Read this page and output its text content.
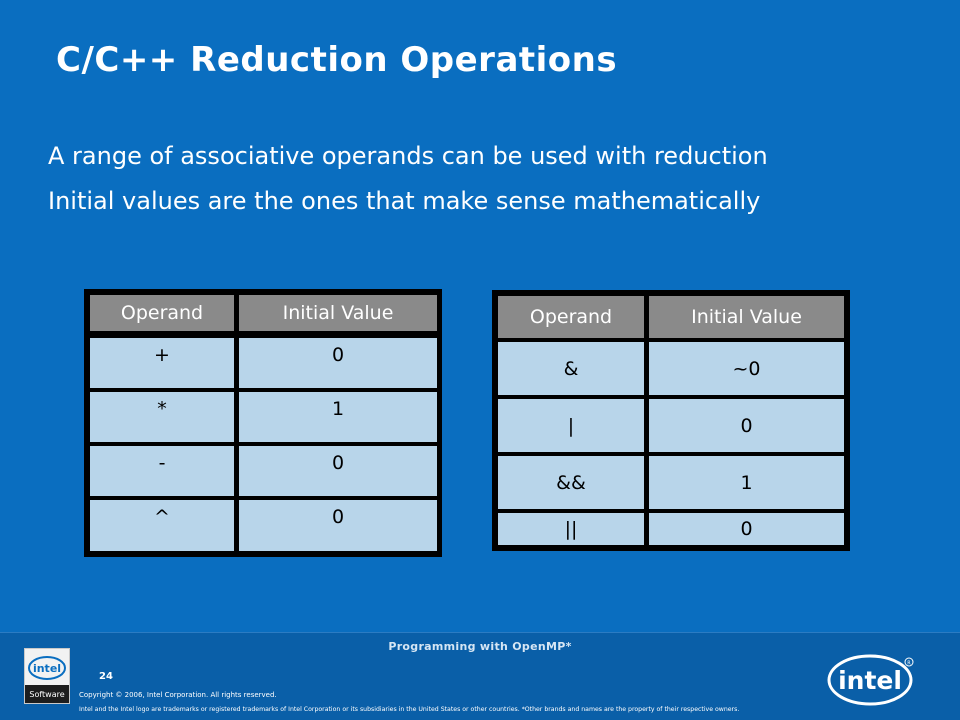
C/C++ Reduction Operations
A range of associative operands can be used with reduction
Initial values are the ones that make sense mathematically
Operand	Initial Value
+	0
*	1
-	0
^	0
Operand	Initial Value
&	~0
|	0
&&	1
||	0
Programming with OpenMP*
intel
Software
24
Copyright © 2006, Intel Corporation. All rights reserved.
Intel and the Intel logo are trademarks or registered trademarks of Intel Corporation or its subsidiaries in the United States or other countries. *Other brands and names are the property of their respective owners.
intel
R
